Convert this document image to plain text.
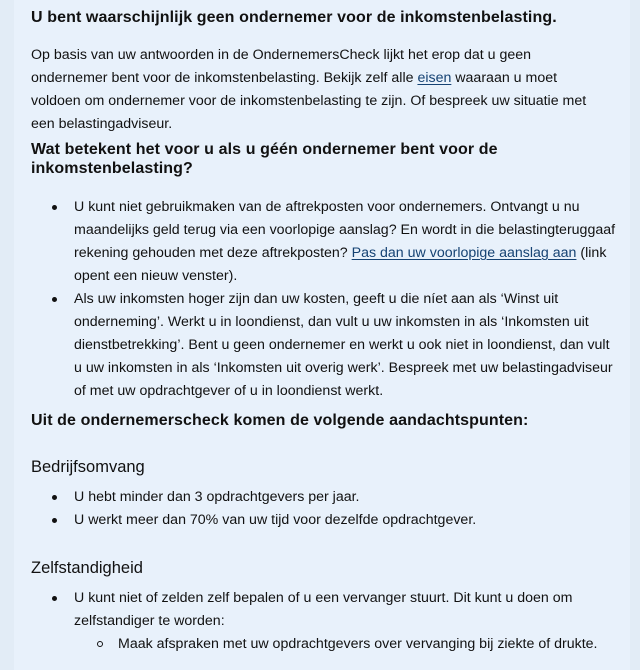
U bent waarschijnlijk geen ondernemer voor de inkomstenbelasting.

Op basis van uw antwoorden in de OndernemersCheck lijkt het erop dat u geen ondernemer bent voor de inkomstenbelasting. Bekijk zelf alle eisen waaraan u moet voldoen om ondernemer voor de inkomstenbelasting te zijn. Of bespreek uw situatie met een belastingadviseur.

Wat betekent het voor u als u géén ondernemer bent voor de inkomstenbelasting?
U kunt niet gebruikmaken van de aftrekposten voor ondernemers. Ontvangt u nu maandelijks geld terug via een voorlopige aanslag? En wordt in die belastingteruggaaf rekening gehouden met deze aftrekposten? Pas dan uw voorlopige aanslag aan (link opent een nieuw venster).
Als uw inkomsten hoger zijn dan uw kosten, geeft u die níet aan als ‘Winst uit onderneming’. Werkt u in loondienst, dan vult u uw inkomsten in als ‘Inkomsten uit dienstbetrekking’. Bent u geen ondernemer en werkt u ook niet in loondienst, dan vult u uw inkomsten in als ‘Inkomsten uit overig werk’. Bespreek met uw belastingadviseur of met uw opdrachtgever of u in loondienst werkt.
Uit de ondernemerscheck komen de volgende aandachtspunten:
Bedrijfsomvang
U hebt minder dan 3 opdrachtgevers per jaar.
U werkt meer dan 70% van uw tijd voor dezelfde opdrachtgever.
Zelfstandigheid
U kunt niet of zelden zelf bepalen of u een vervanger stuurt. Dit kunt u doen om zelfstandiger te worden:
Maak afspraken met uw opdrachtgevers over vervanging bij ziekte of drukte.
